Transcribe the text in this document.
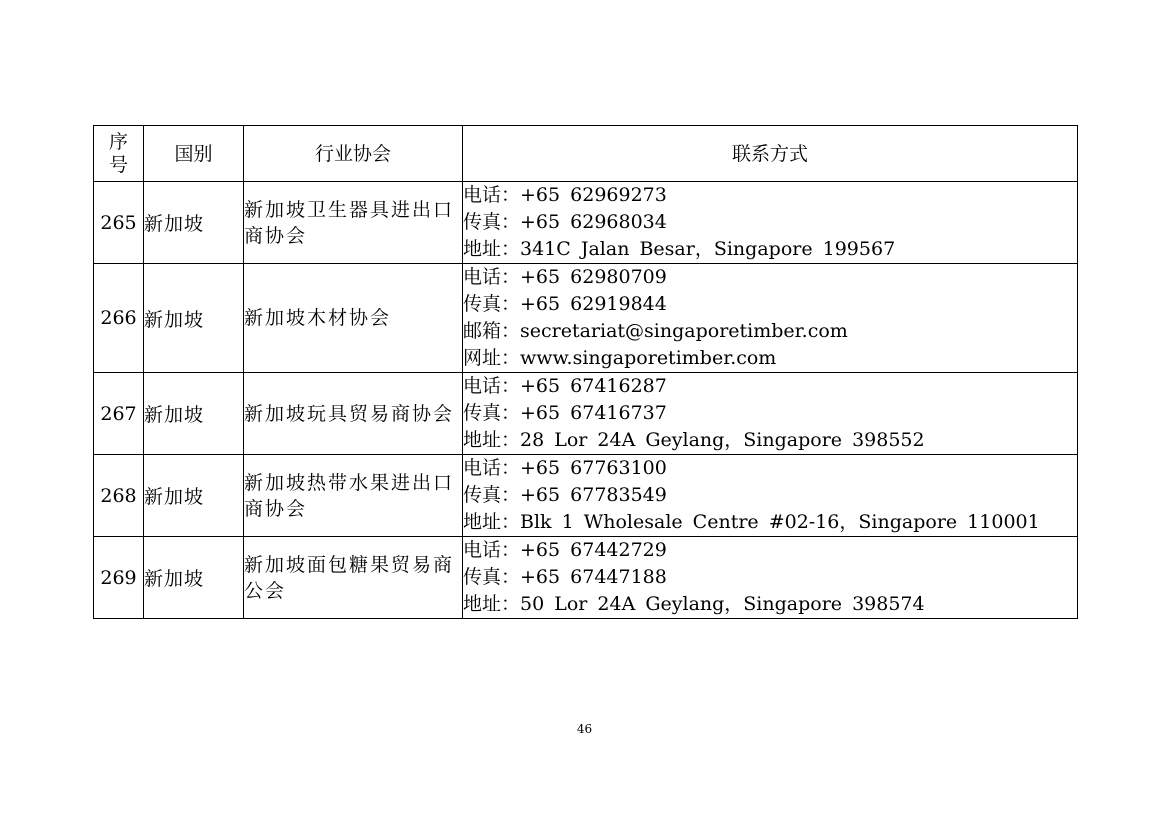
序
号	国别	行业协会	联系方式
265	新加坡	新加坡卫生器具进出口商协会	电话：+65 62969273
传真：+65 62968034
地址：341C Jalan Besar，Singapore 199567

266	新加坡	新加坡木材协会	电话：+65 62980709
传真：+65 62919844
邮箱：secretariat@singaporetimber.com
网址：www.singaporetimber.com

267	新加坡	新加坡玩具贸易商协会	电话：+65 67416287
传真：+65 67416737
地址：28 Lor 24A Geylang，Singapore 398552

268	新加坡	新加坡热带水果进出口商协会	电话：+65 67763100
传真：+65 67783549
地址：Blk 1 Wholesale Centre #02-16，Singapore 110001

269	新加坡	新加坡面包糖果贸易商公会	电话：+65 67442729
传真：+65 67447188
地址：50 Lor 24A Geylang，Singapore 398574
46
